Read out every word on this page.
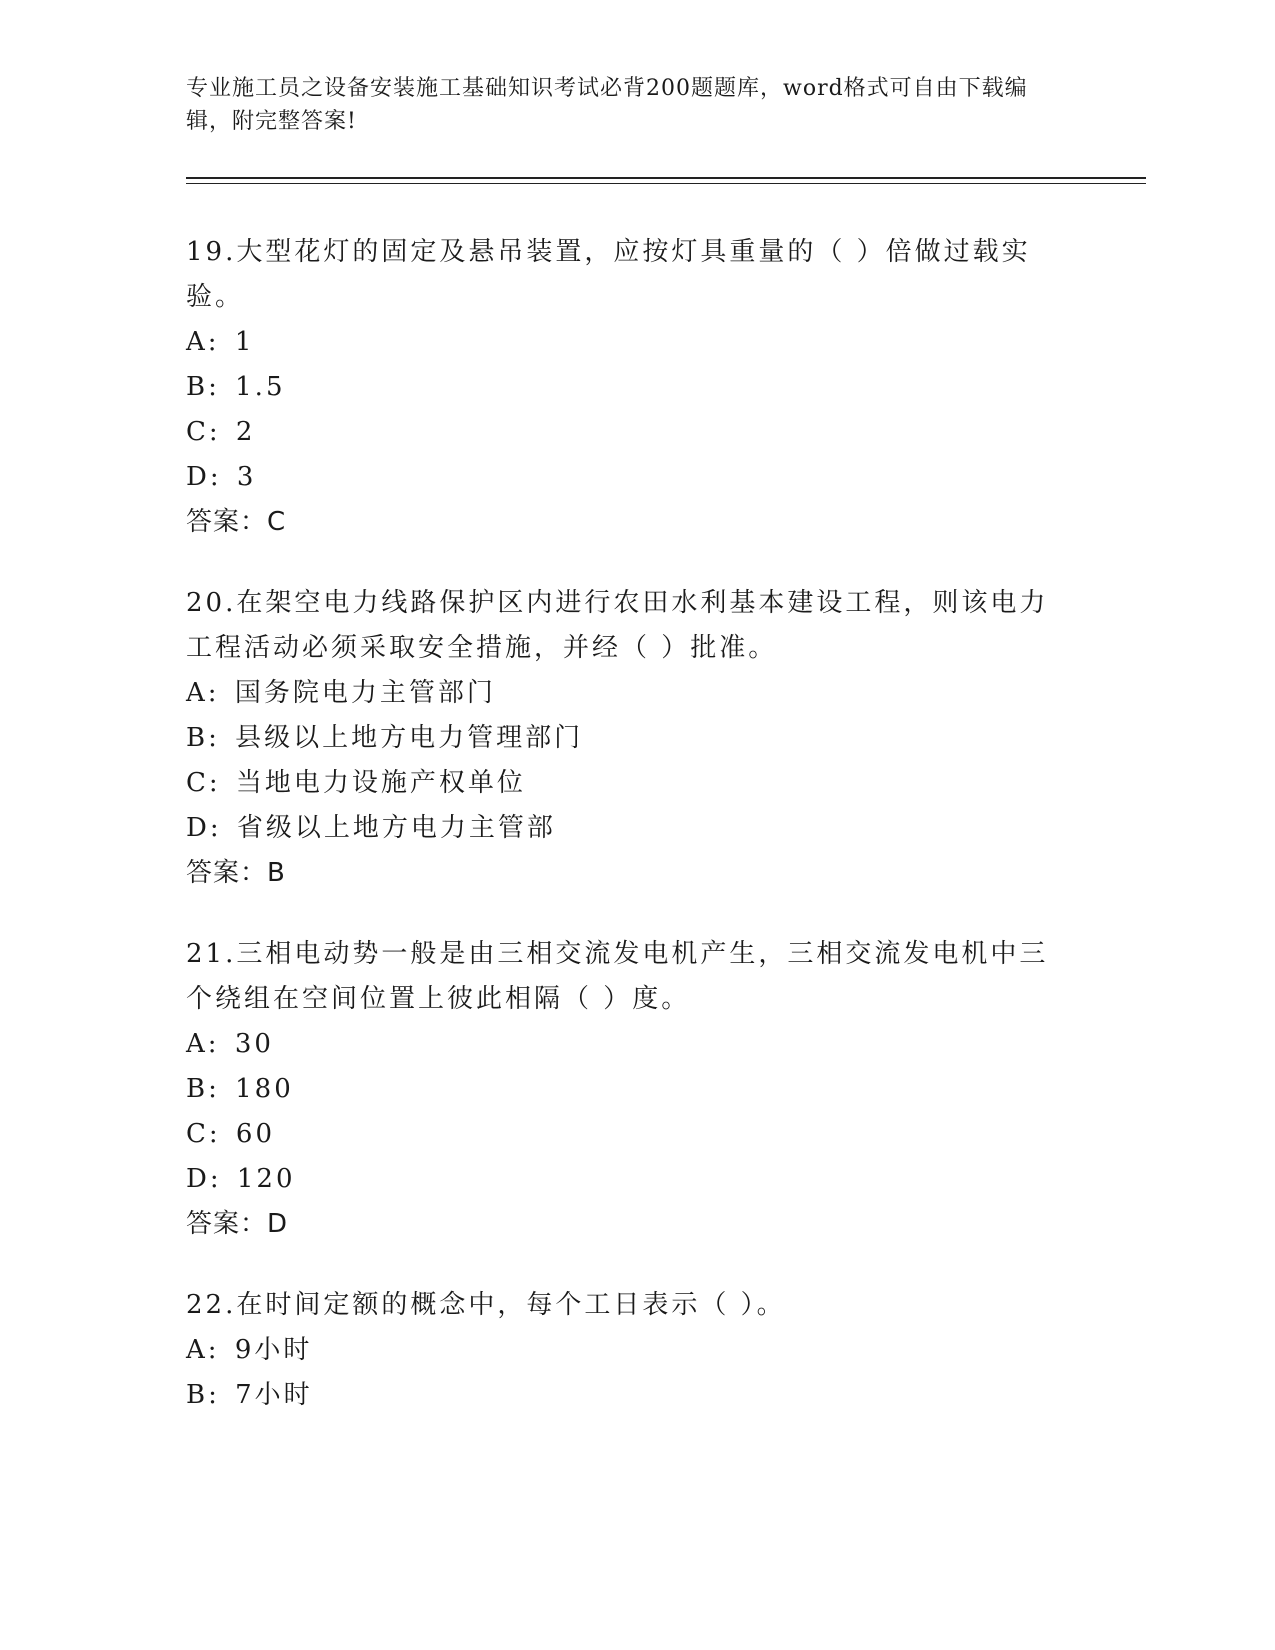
专业施工员之设备安装施工基础知识考试必背200题题库，word格式可自由下载编辑，附完整答案!

19.大型花灯的固定及悬吊装置，应按灯具重量的（ ）倍做过载实验。

A: 1
B: 1.5
C: 2
D: 3
答案：C

20.在架空电力线路保护区内进行农田水利基本建设工程，则该电力工程活动必须采取安全措施，并经（ ）批准。

A: 国务院电力主管部门
B: 县级以上地方电力管理部门
C: 当地电力设施产权单位
D: 省级以上地方电力主管部
答案：B

21.三相电动势一般是由三相交流发电机产生，三相交流发电机中三个绕组在空间位置上彼此相隔（ ）度。

A: 30
B: 180
C: 60
D: 120
答案：D

22.在时间定额的概念中，每个工日表示（ ）。

A: 9小时
B: 7小时
